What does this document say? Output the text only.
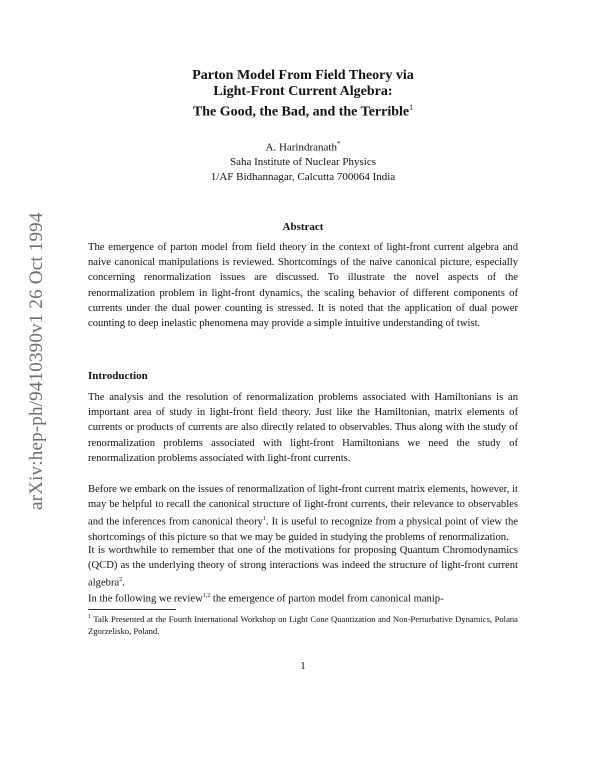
arXiv:hep-ph/9410390v1 26 Oct 1994
Parton Model From Field Theory via
Light-Front Current Algebra:
The Good, the Bad, and the Terrible$^1$
A. Harindranath*
Saha Institute of Nuclear Physics
1/AF Bidhannagar, Calcutta 700064 India
Abstract
The emergence of parton model from field theory in the context of light-front current algebra and naive canonical manipulations is reviewed. Shortcomings of the naive canonical picture, especially concerning renormalization issues are discussed. To illustrate the novel aspects of the renormalization problem in light-front dynamics, the scaling behavior of different components of currents under the dual power counting is stressed. It is noted that the application of dual power counting to deep inelastic phenomena may provide a simple intuitive understanding of twist.
Introduction
The analysis and the resolution of renormalization problems associated with Hamiltonians is an important area of study in light-front field theory. Just like the Hamiltonian, matrix elements of currents or products of currents are also directly related to observables. Thus along with the study of renormalization problems associated with light-front Hamiltonians we need the study of renormalization problems associated with light-front currents.
Before we embark on the issues of renormalization of light-front current matrix elements, however, it may be helpful to recall the canonical structure of light-front currents, their relevance to observables and the inferences from canonical theory$^1$. It is useful to recognize from a physical point of view the shortcomings of this picture so that we may be guided in studying the problems of renormalization.
It is worthwhile to remember that one of the motivations for proposing Quantum Chromodynamics (QCD) as the underlying theory of strong interactions was indeed the structure of light-front current algebra$^2$.
In the following we review$^{1,2}$ the emergence of parton model from canonical manip-
$^1$ Talk Presented at the Fourth International Workshop on Light Cone Quantization and Non-Perturbative Dynamics, Polana Zgorzelisko, Poland.
1
